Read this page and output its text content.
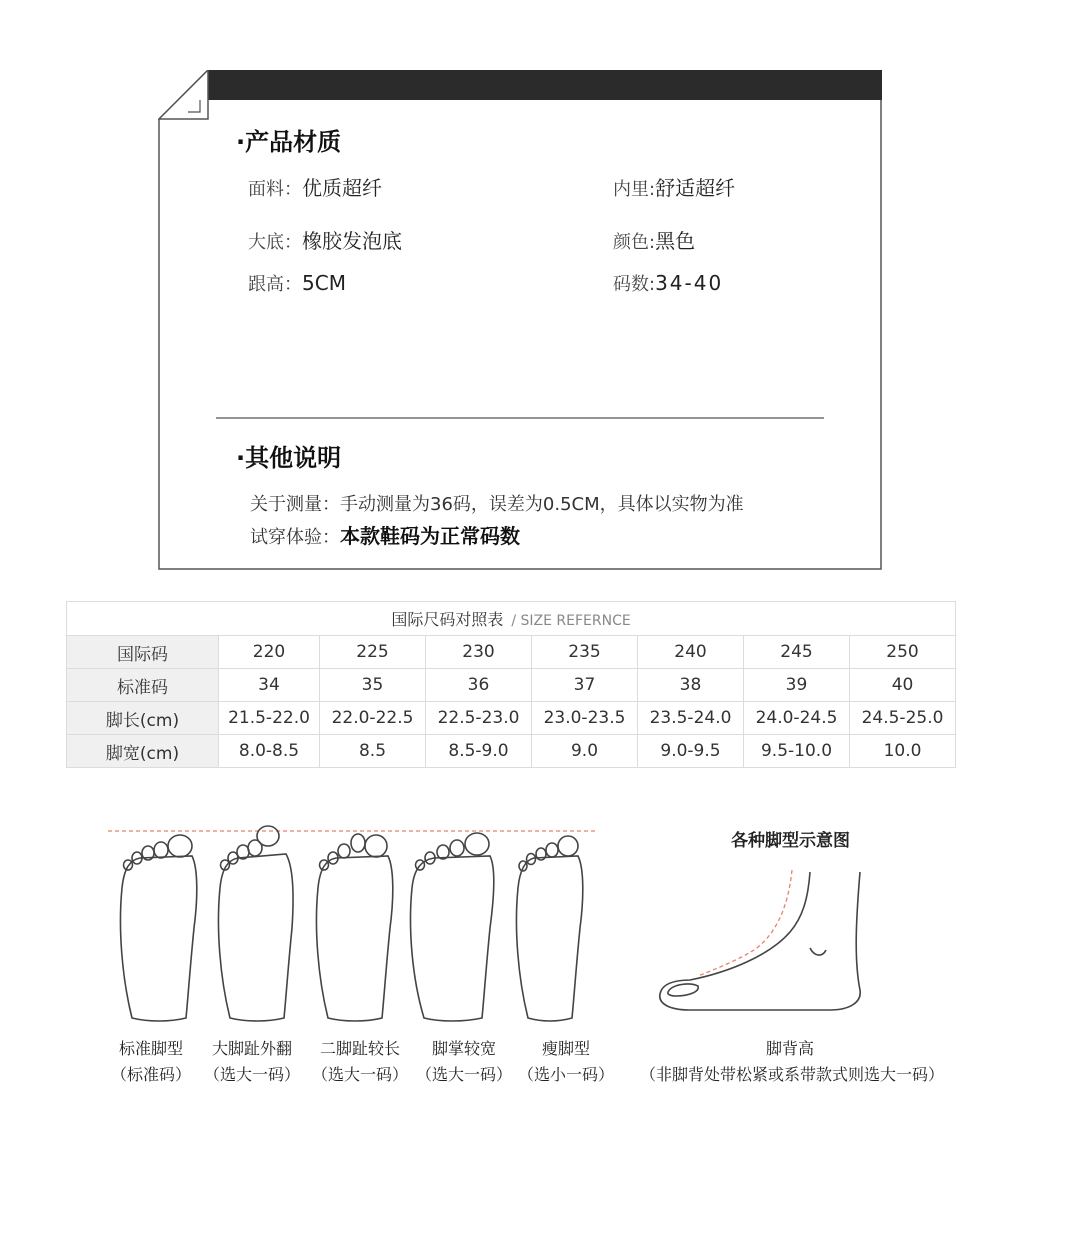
·产品材质
面料：优质超纤	内里:舒适超纤
大底：橡胶发泡底	颜色:黑色
跟高：5CM	码数:34-40
·其他说明
关于测量：手动测量为36码，误差为0.5CM，具体以实物为准
试穿体验：本款鞋码为正常码数
国际尺码对照表 / SIZE REFERNCE							
国际码	220	225	230	235	240	245	250
标准码	34	35	36	37	38	39	40
脚长(cm)	21.5-22.0	22.0-22.5	22.5-23.0	23.0-23.5	23.5-24.0	24.0-24.5	24.5-25.0
脚宽(cm)	8.0-8.5	8.5	8.5-9.0	9.0	9.0-9.5	9.5-10.0	10.0
标准脚型
（标准码）
大脚趾外翻
（选大一码）
二脚趾较长
（选大一码）
脚掌较宽
（选大一码）
瘦脚型
（选小一码）
各种脚型示意图
脚背高
（非脚背处带松紧或系带款式则选大一码）
